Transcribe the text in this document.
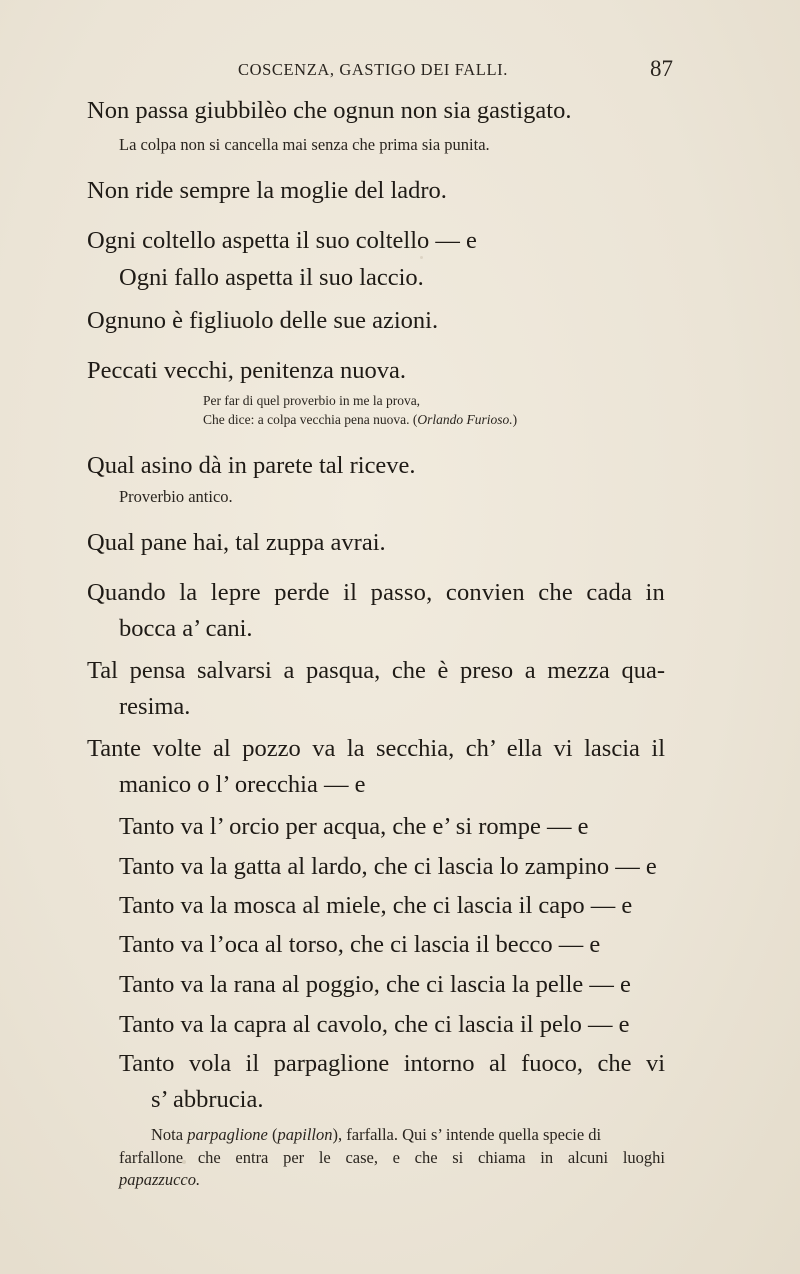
COSCENZA, GASTIGO DEI FALLI.	87
Non passa giubbilèo che ognun non sia gastigato.
La colpa non si cancella mai senza che prima sia punita.
Non ride sempre la moglie del ladro.
Ogni coltello aspetta il suo coltello — e
Ogni fallo aspetta il suo laccio.
Ognuno è figliuolo delle sue azioni.
Peccati vecchi, penitenza nuova.
Per far di quel proverbio in me la prova,
Che dice: a colpa vecchia pena nuova. (Orlando Furioso.)
Qual asino dà in parete tal riceve.
Proverbio antico.
Qual pane hai, tal zuppa avrai.
Quando la lepre perde il passo, convien che cada in
bocca a’ cani.
Tal pensa salvarsi a pasqua, che è preso a mezza qua-
resima.
Tante volte al pozzo va la secchia, ch’ ella vi lascia il
manico o l’ orecchia — e
Tanto va l’ orcio per acqua, che e’ si rompe — e
Tanto va la gatta al lardo, che ci lascia lo zampino — e
Tanto va la mosca al miele, che ci lascia il capo — e
Tanto va l’oca al torso, che ci lascia il becco — e
Tanto va la rana al poggio, che ci lascia la pelle — e
Tanto va la capra al cavolo, che ci lascia il pelo — e
Tanto vola il parpaglione intorno al fuoco, che vi
s’ abbrucia.
Nota parpaglione (papillon), farfalla. Qui s’ intende quella specie di
farfallone che entra per le case, e che si chiama in alcuni luoghi
papazzucco.
